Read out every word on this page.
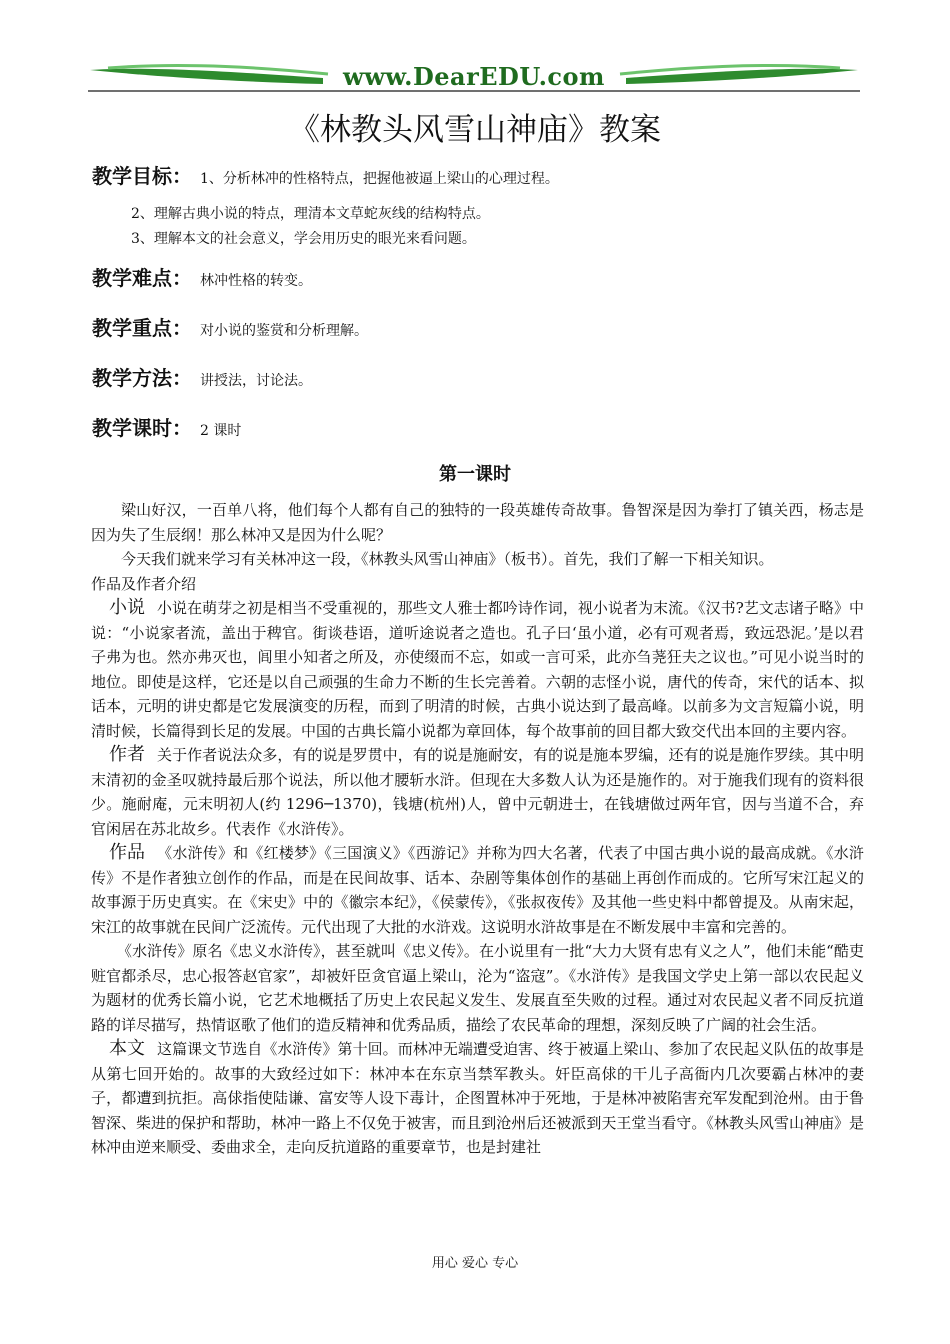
www.DearEDU.com
《林教头风雪山神庙》教案
教学目标： 1、分析林冲的性格特点，把握他被逼上梁山的心理过程。
2、理解古典小说的特点，理清本文草蛇灰线的结构特点。
3、理解本文的社会意义，学会用历史的眼光来看问题。
教学难点： 林冲性格的转变。
教学重点： 对小说的鉴赏和分析理解。
教学方法： 讲授法，讨论法。
教学课时： 2 课时
第一课时

梁山好汉，一百单八将，他们每个人都有自己的独特的一段英雄传奇故事。鲁智深是因为拳打了镇关西，杨志是因为失了生辰纲！那么林冲又是因为什么呢？

今天我们就来学习有关林冲这一段，《林教头风雪山神庙》（板书）。首先，我们了解一下相关知识。

作品及作者介绍

小说 小说在萌芽之初是相当不受重视的，那些文人雅士都吟诗作词，视小说者为末流。《汉书?艺文志诸子略》中说：“小说家者流，盖出于稗官。街谈巷语，道听途说者之造也。孔子曰‘虽小道，必有可观者焉，致远恐泥。’是以君子弗为也。然亦弗灭也，闾里小知者之所及，亦使缀而不忘，如或一言可采，此亦刍荛狂夫之议也。”可见小说当时的地位。即使是这样，它还是以自己顽强的生命力不断的生长完善着。六朝的志怪小说，唐代的传奇，宋代的话本、拟话本，元明的讲史都是它发展演变的历程，而到了明清的时候，古典小说达到了最高峰。以前多为文言短篇小说，明清时候，长篇得到长足的发展。中国的古典长篇小说都为章回体，每个故事前的回目都大致交代出本回的主要内容。

作者 关于作者说法众多，有的说是罗贯中，有的说是施耐安，有的说是施本罗编，还有的说是施作罗续。其中明末清初的金圣叹就持最后那个说法，所以他才腰斩水浒。但现在大多数人认为还是施作的。对于施我们现有的资料很少。施耐庵，元末明初人(约 1296─1370)，钱塘(杭州)人，曾中元朝进士，在钱塘做过两年官，因与当道不合，弃官闲居在苏北故乡。代表作《水浒传》。

作品 《水浒传》和《红楼梦》《三国演义》《西游记》并称为四大名著，代表了中国古典小说的最高成就。《水浒传》不是作者独立创作的作品，而是在民间故事、话本、杂剧等集体创作的基础上再创作而成的。它所写宋江起义的故事源于历史真实。在《宋史》中的《徽宗本纪》，《侯蒙传》，《张叔夜传》及其他一些史料中都曾提及。从南宋起，宋江的故事就在民间广泛流传。元代出现了大批的水浒戏。这说明水浒故事是在不断发展中丰富和完善的。

《水浒传》原名《忠义水浒传》，甚至就叫《忠义传》。在小说里有一批“大力大贤有忠有义之人”，他们未能“酷吏赃官都杀尽，忠心报答赵官家”，却被奸臣贪官逼上梁山，沦为“盗寇”。《水浒传》是我国文学史上第一部以农民起义为题材的优秀长篇小说，它艺术地概括了历史上农民起义发生、发展直至失败的过程。通过对农民起义者不同反抗道路的详尽描写，热情讴歌了他们的造反精神和优秀品质，描绘了农民革命的理想，深刻反映了广阔的社会生活。

本文 这篇课文节选自《水浒传》第十回。而林冲无端遭受迫害、终于被逼上梁山、参加了农民起义队伍的故事是从第七回开始的。故事的大致经过如下：林冲本在东京当禁军教头。奸臣高俅的干儿子高衙内几次要霸占林冲的妻子，都遭到抗拒。高俅指使陆谦、富安等人设下毒计，企图置林冲于死地，于是林冲被陷害充军发配到沧州。由于鲁智深、柴进的保护和帮助，林冲一路上不仅免于被害，而且到沧州后还被派到天王堂当看守。《林教头风雪山神庙》是林冲由逆来顺受、委曲求全，走向反抗道路的重要章节，也是封建社

用心 爱心 专心
